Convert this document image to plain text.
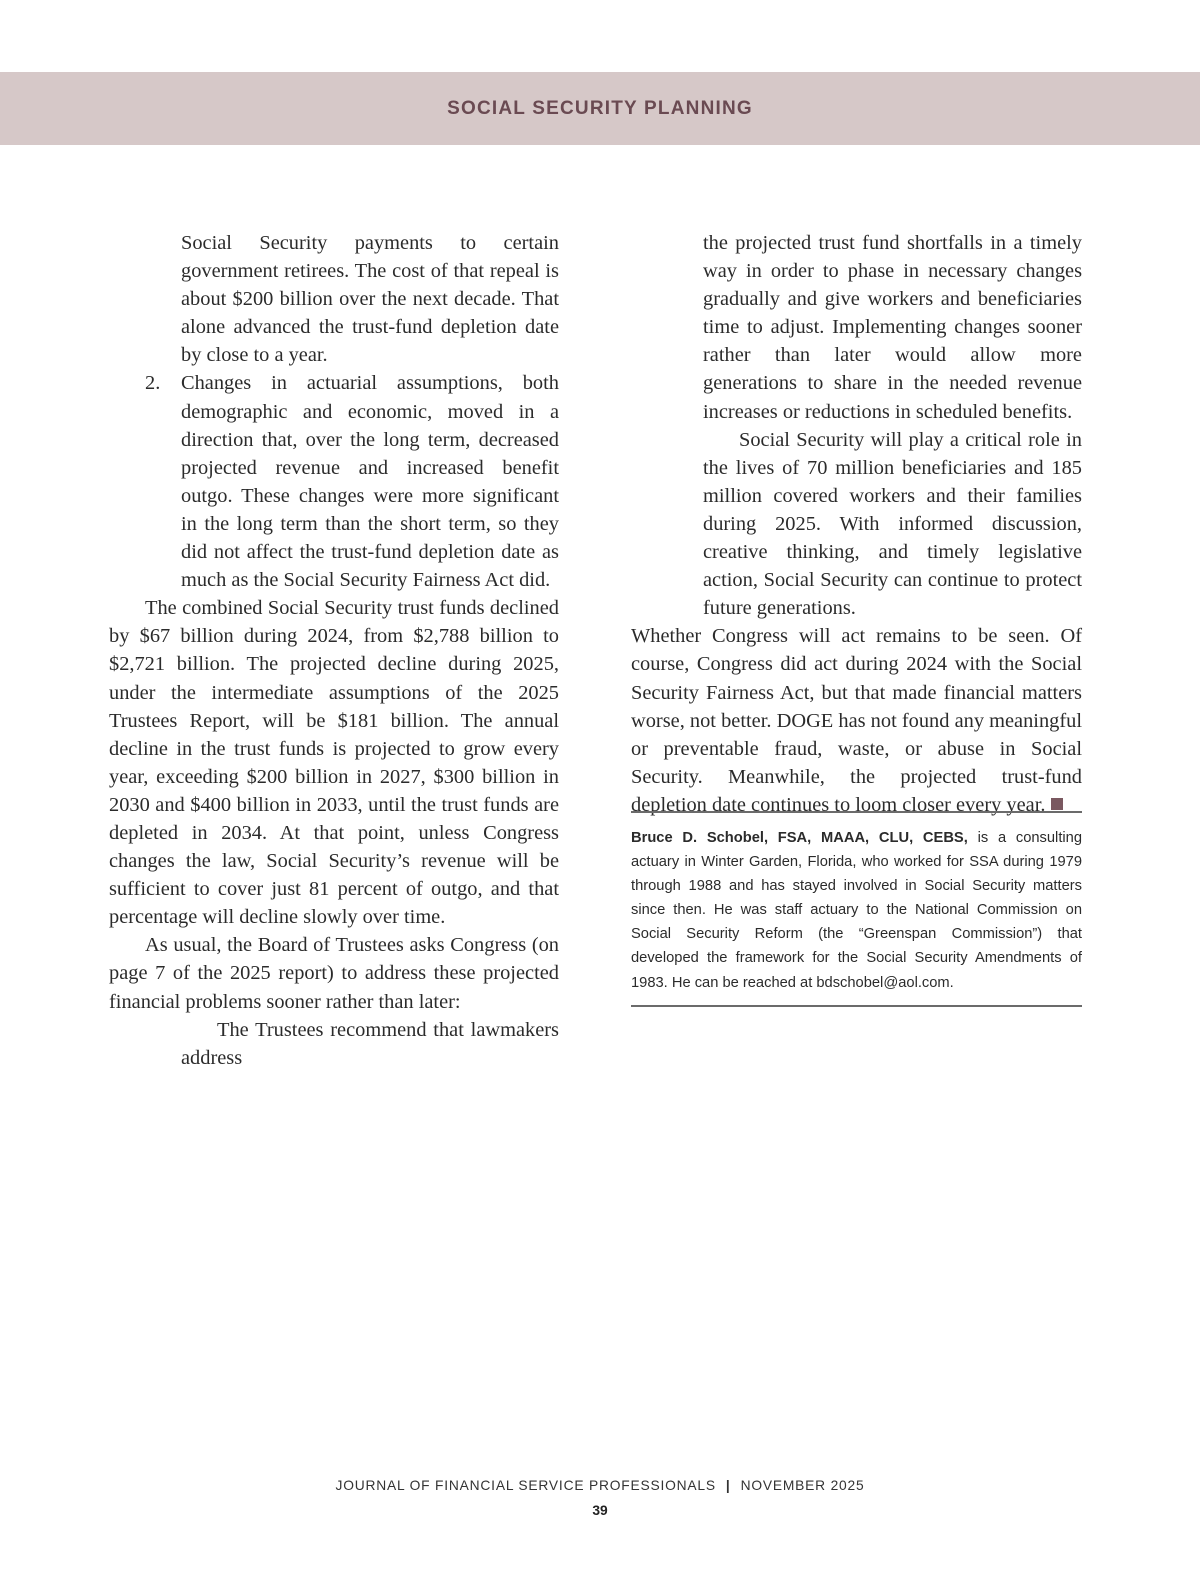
SOCIAL SECURITY PLANNING

Social Security payments to certain government retirees. The cost of that repeal is about $200 billion over the next decade. That alone advanced the trust-fund depletion date by close to a year.

2. Changes in actuarial assumptions, both demographic and economic, moved in a direction that, over the long term, decreased projected revenue and increased benefit outgo. These changes were more significant in the long term than the short term, so they did not affect the trust-fund depletion date as much as the Social Security Fairness Act did.

The combined Social Security trust funds declined by $67 billion during 2024, from $2,788 billion to $2,721 billion. The projected decline during 2025, under the intermediate assumptions of the 2025 Trustees Report, will be $181 billion. The annual decline in the trust funds is projected to grow every year, exceeding $200 billion in 2027, $300 billion in 2030 and $400 billion in 2033, until the trust funds are depleted in 2034. At that point, unless Congress changes the law, Social Security’s revenue will be sufficient to cover just 81 percent of outgo, and that percentage will decline slowly over time.

As usual, the Board of Trustees asks Congress (on page 7 of the 2025 report) to address these projected financial problems sooner rather than later:

The Trustees recommend that lawmakers address

the projected trust fund shortfalls in a timely way in order to phase in necessary changes gradually and give workers and beneficiaries time to adjust. Implementing changes sooner rather than later would allow more generations to share in the needed revenue increases or reductions in scheduled benefits.

Social Security will play a critical role in the lives of 70 million beneficiaries and 185 million covered workers and their families during 2025. With informed discussion, creative thinking, and timely legislative action, Social Security can continue to protect future generations.

Whether Congress will act remains to be seen. Of course, Congress did act during 2024 with the Social Security Fairness Act, but that made financial matters worse, not better. DOGE has not found any meaningful or preventable fraud, waste, or abuse in Social Security. Meanwhile, the projected trust-fund depletion date continues to loom closer every year.

Bruce D. Schobel, FSA, MAAA, CLU, CEBS, is a consulting actuary in Winter Garden, Florida, who worked for SSA during 1979 through 1988 and has stayed involved in Social Security matters since then. He was staff actuary to the National Commission on Social Security Reform (the “Greenspan Commission”) that developed the framework for the Social Security Amendments of 1983. He can be reached at bdschobel@aol.com.

JOURNAL OF FINANCIAL SERVICE PROFESSIONALS | NOVEMBER 2025
39
